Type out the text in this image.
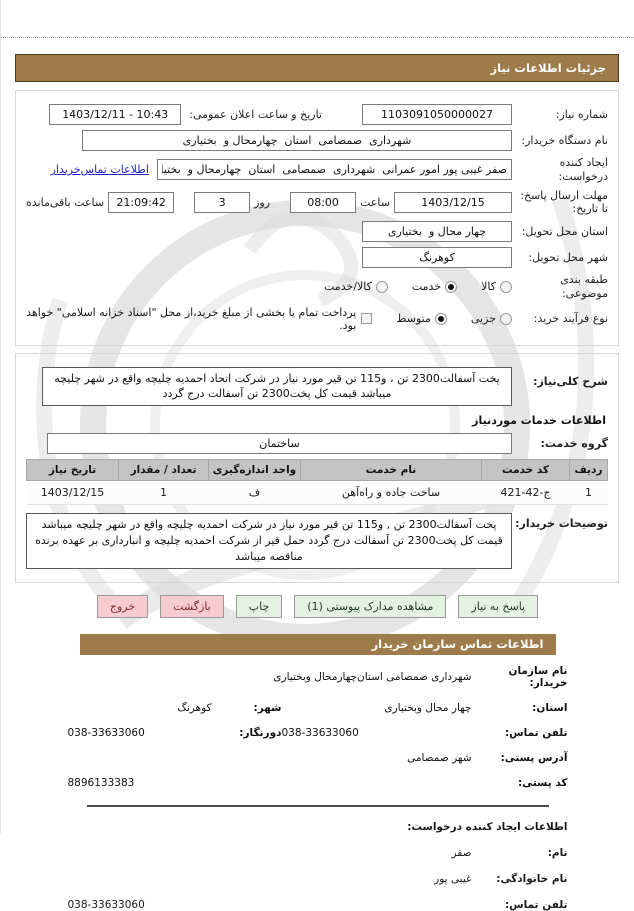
جزئیات اطلاعات نیاز
شماره نیاز:
1103091050000027
تاریخ و ساعت اعلان عمومی:
1403/12/11 - 10:43
نام دستگاه خریدار:
شهرداری صمصامی استان چهارمحال و بختیاری
ایجاد کننده درخواست:
صفر غیبی پور امور عمرانی شهرداری صمصامی استان چهارمحال و بختیاری
اطلاعات تماس‌خریدار
مهلت ارسال پاسخ: تا تاریخ:
1403/12/15
ساعت
08:00
روز
3
21:09:42
ساعت باقی‌مانده
استان محل تحویل:
چهار محال و بختیاری
شهر محل تحویل:
کوهرنگ
طبقه بندی موضوعی:
کالا
خدمت
کالا/خدمت
نوع فرآیند خرید:
جزیی
متوسط
پرداخت تمام یا بخشی از مبلغ خرید،از محل "اسناد خزانه اسلامی" خواهد بود.
شرح کلی‌نیاز:
پخت آسفالت2300 تن ، و115 تن قیر مورد نیاز در شرکت اتحاد احمدیه چلیچه واقع در شهر چلیچه میباشد قیمت کل پخت2300 تن آسفالت درج گردد
اطلاعات خدمات موردنیاز
گروه خدمت:
ساختمان
ردیف	کد خدمت	نام خدمت	واحد اندازه‌گیری	تعداد / مقدار	تاریخ نیاز
1	ج-42-421	ساخت جاده و راه‌آهن	ف	1	1403/12/15
توضیحات خریدار:
پخت آسفالت2300 تن , و115 تن قیر مورد نیاز در شرکت احمدیه چلیچه واقع در شهر چلیچه میباشد قیمت کل پخت2300 تن آسفالت درج گردد حمل قیر از شرکت احمدیه چلیچه و انبارداری بر عهده برنده مناقصه میباشد
پاسخ به نیاز
مشاهده مدارک پیوستی (1)
چاپ
بازگشت
خروج
اطلاعات تماس سازمان خریدار
نام سازمان خریدار:
شهرداری صمصامی استان‌چهارمحال وبختیاری
استان:
چهار محال وبختیاری
شهر:
کوهرنگ
تلفن تماس:
038-33633060
دورنگار:
038-33633060
آدرس پستی:
شهر صمصامی
کد پستی:
8896133383
اطلاعات ایجاد کننده درخواست:
نام:
صفر
نام خانوادگی:
غیبی پور
تلفن تماس:
038-33633060
